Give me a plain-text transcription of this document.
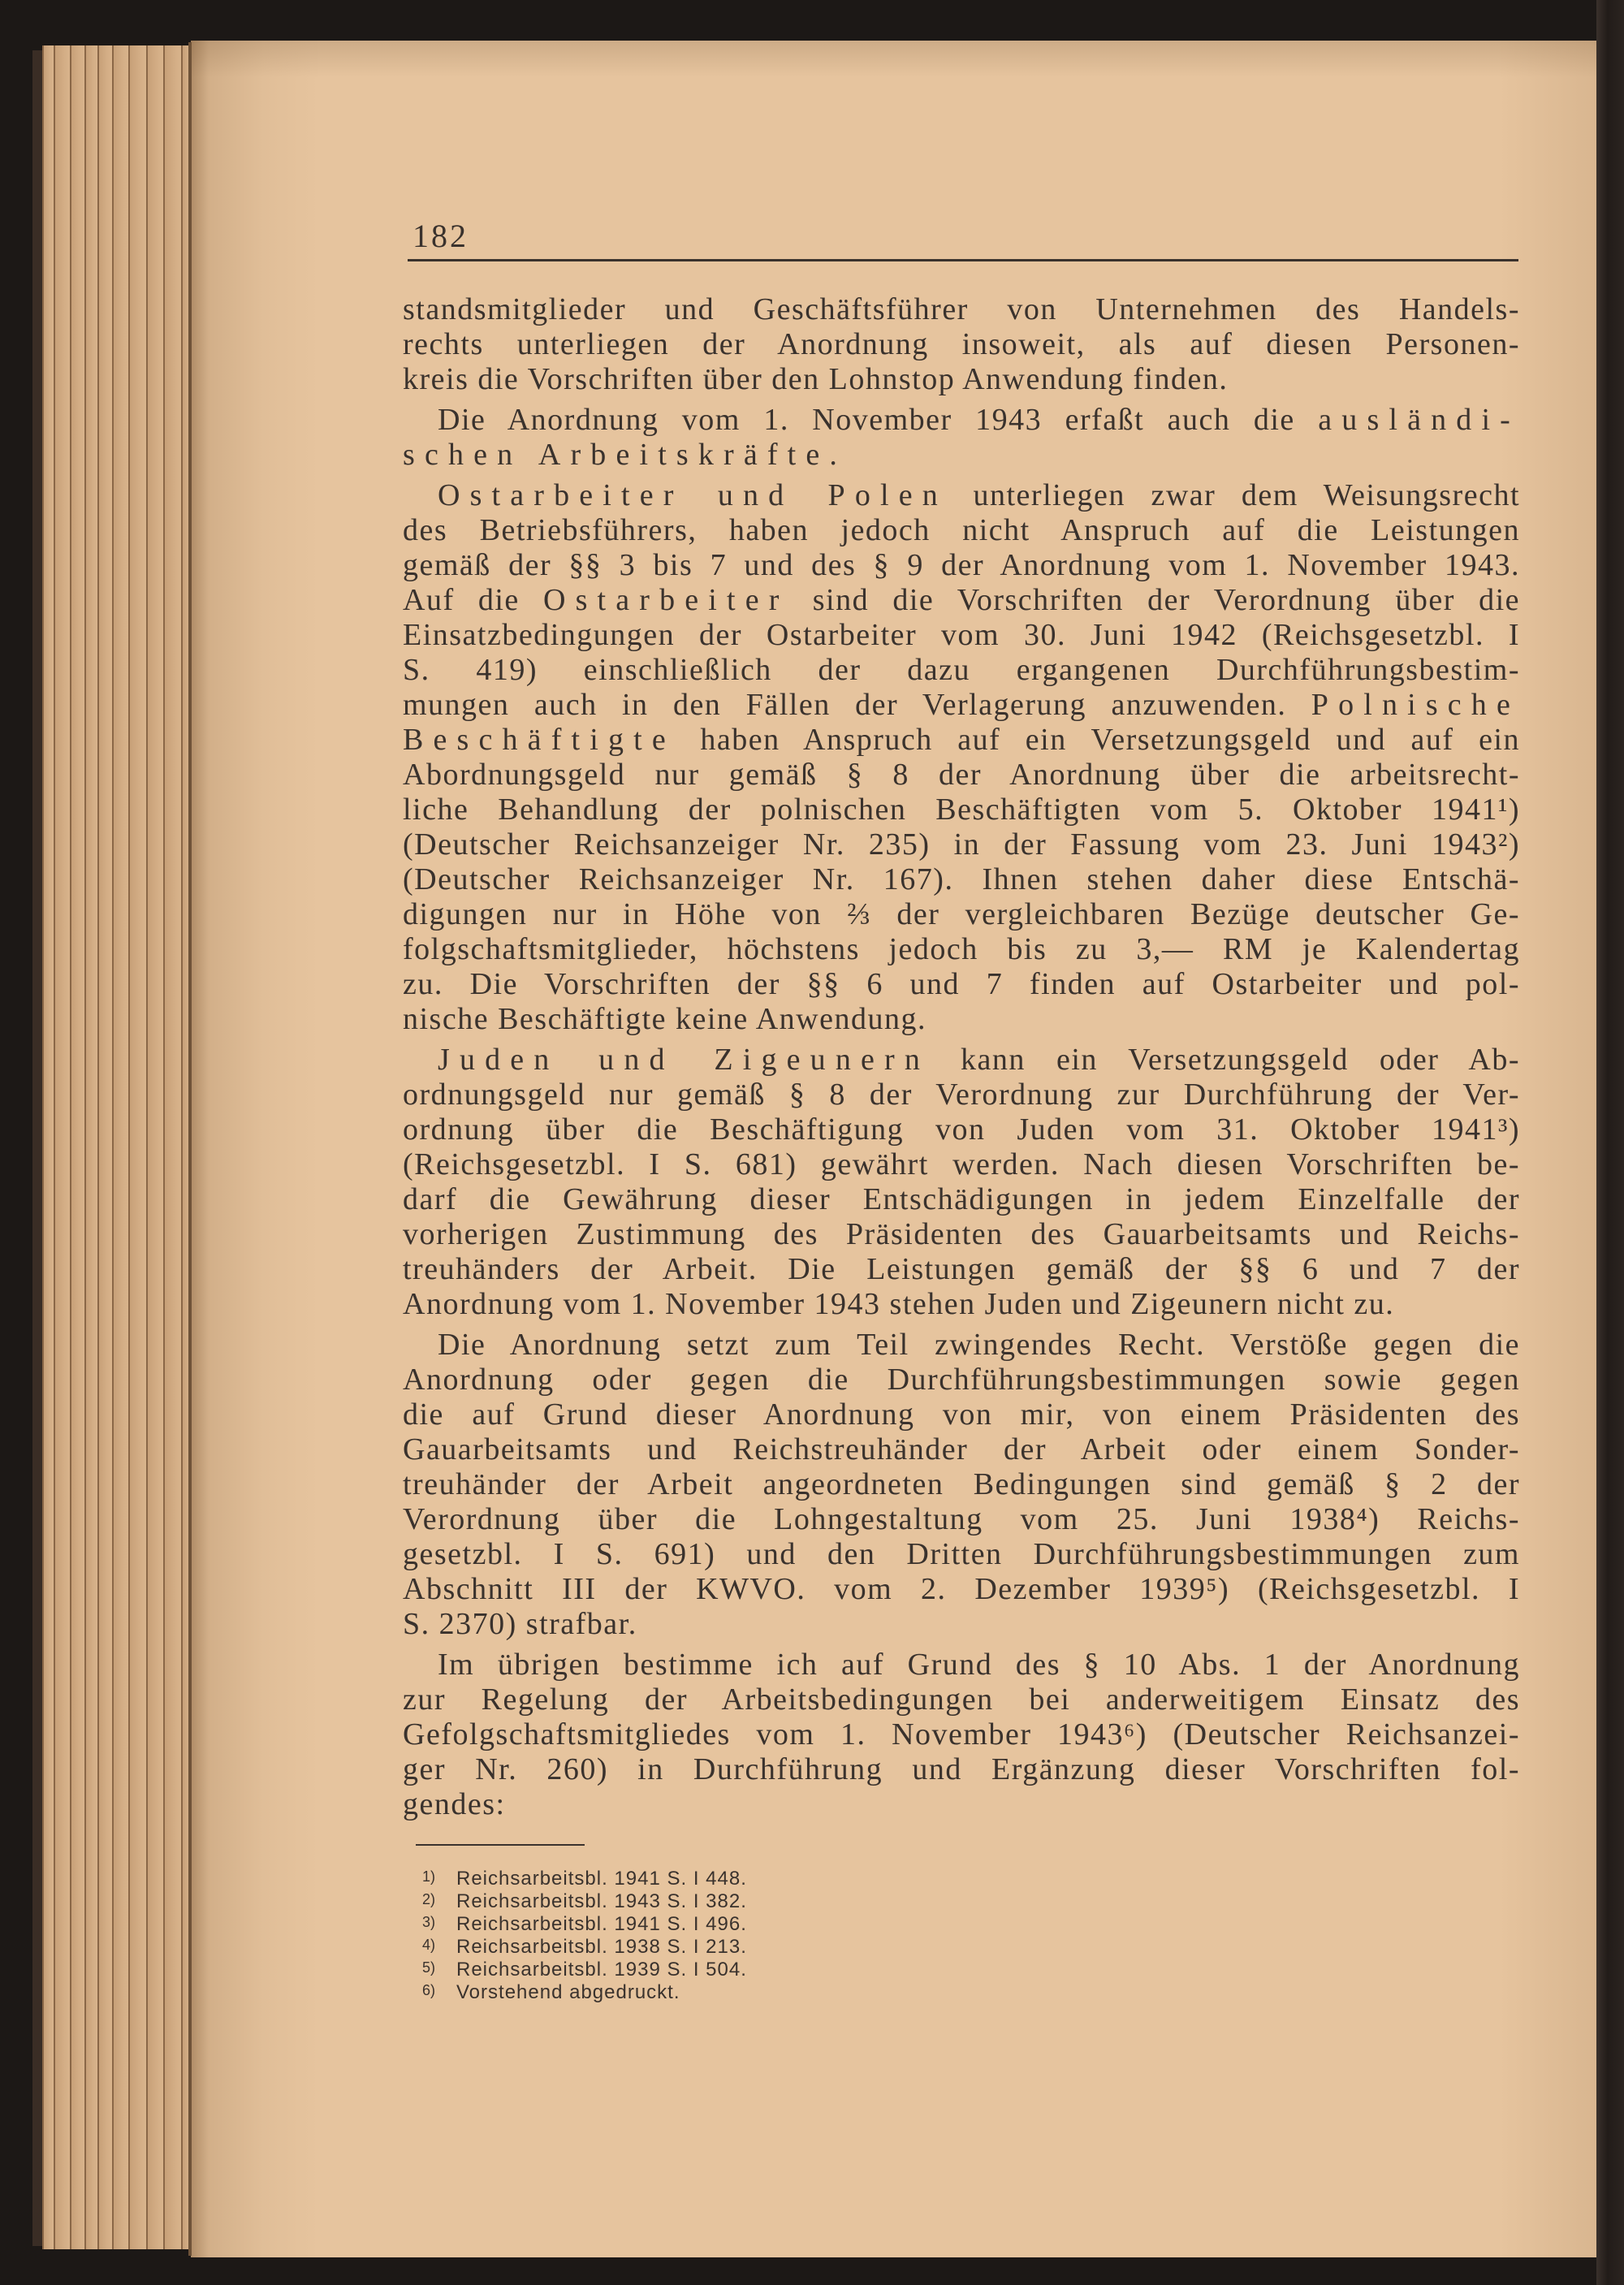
182
standsmitglieder und Geschäftsführer von Unternehmen des Handels-
rechts unterliegen der Anordnung insoweit, als auf diesen Personen-
kreis die Vorschriften über den Lohnstop Anwendung finden.
Die Anordnung vom 1. November 1943 erfaßt auch die ausländi-
schen Arbeitskräfte.
Ostarbeiter und Polen unterliegen zwar dem Weisungsrecht
des Betriebsführers, haben jedoch nicht Anspruch auf die Leistungen
gemäß der §§ 3 bis 7 und des § 9 der Anordnung vom 1. November 1943.
Auf die Ostarbeiter sind die Vorschriften der Verordnung über die
Einsatzbedingungen der Ostarbeiter vom 30. Juni 1942 (Reichsgesetzbl. I
S. 419) einschließlich der dazu ergangenen Durchführungsbestim-
mungen auch in den Fällen der Verlagerung anzuwenden. Polnische
Beschäftigte haben Anspruch auf ein Versetzungsgeld und auf ein
Abordnungsgeld nur gemäß § 8 der Anordnung über die arbeitsrecht-
liche Behandlung der polnischen Beschäftigten vom 5. Oktober 1941¹)
(Deutscher Reichsanzeiger Nr. 235) in der Fassung vom 23. Juni 1943²)
(Deutscher Reichsanzeiger Nr. 167). Ihnen stehen daher diese Entschä-
digungen nur in Höhe von ⅔ der vergleichbaren Bezüge deutscher Ge-
folgschaftsmitglieder, höchstens jedoch bis zu 3,— RM je Kalendertag
zu. Die Vorschriften der §§ 6 und 7 finden auf Ostarbeiter und pol-
nische Beschäftigte keine Anwendung.
Juden und Zigeunern kann ein Versetzungsgeld oder Ab-
ordnungsgeld nur gemäß § 8 der Verordnung zur Durchführung der Ver-
ordnung über die Beschäftigung von Juden vom 31. Oktober 1941³)
(Reichsgesetzbl. I S. 681) gewährt werden. Nach diesen Vorschriften be-
darf die Gewährung dieser Entschädigungen in jedem Einzelfalle der
vorherigen Zustimmung des Präsidenten des Gauarbeitsamts und Reichs-
treuhänders der Arbeit. Die Leistungen gemäß der §§ 6 und 7 der
Anordnung vom 1. November 1943 stehen Juden und Zigeunern nicht zu.
Die Anordnung setzt zum Teil zwingendes Recht. Verstöße gegen die
Anordnung oder gegen die Durchführungsbestimmungen sowie gegen
die auf Grund dieser Anordnung von mir, von einem Präsidenten des
Gauarbeitsamts und Reichstreuhänder der Arbeit oder einem Sonder-
treuhänder der Arbeit angeordneten Bedingungen sind gemäß § 2 der
Verordnung über die Lohngestaltung vom 25. Juni 1938⁴) Reichs-
gesetzbl. I S. 691) und den Dritten Durchführungsbestimmungen zum
Abschnitt III der KWVO. vom 2. Dezember 1939⁵) (Reichsgesetzbl. I
S. 2370) strafbar.
Im übrigen bestimme ich auf Grund des § 10 Abs. 1 der Anordnung
zur Regelung der Arbeitsbedingungen bei anderweitigem Einsatz des
Gefolgschaftsmitgliedes vom 1. November 1943⁶) (Deutscher Reichsanzei-
ger Nr. 260) in Durchführung und Ergänzung dieser Vorschriften fol-
gendes:
1) Reichsarbeitsbl. 1941 S. I 448.
2) Reichsarbeitsbl. 1943 S. I 382.
3) Reichsarbeitsbl. 1941 S. I 496.
4) Reichsarbeitsbl. 1938 S. I 213.
5) Reichsarbeitsbl. 1939 S. I 504.
6) Vorstehend abgedruckt.
